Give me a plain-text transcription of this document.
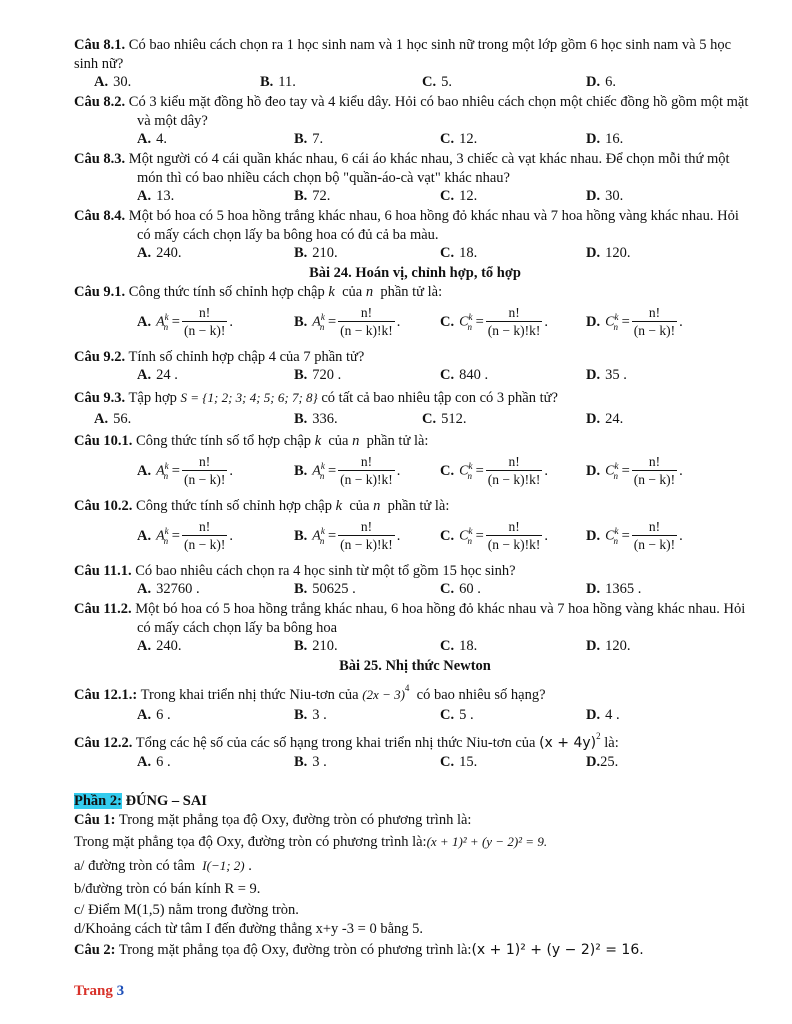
Câu 8.1. Có bao nhiêu cách chọn ra 1 học sinh nam và 1 học sinh nữ trong một lớp gồm 6 học sinh nam và 5 học sinh nữ?
A. 30.	B. 11.	C. 5.	D. 6.
Câu 8.2. Có 3 kiểu mặt đồng hồ đeo tay và 4 kiểu dây. Hỏi có bao nhiêu cách chọn một chiếc đồng hồ gồm một mặt và một dây?
A. 4.	B. 7.	C. 12.	D. 16.
Câu 8.3. Một người có 4 cái quần khác nhau, 6 cái áo khác nhau, 3 chiếc cà vạt khác nhau. Để chọn mỗi thứ một món thì có bao nhiều cách chọn bộ "quần-áo-cà vạt" khác nhau?
A. 13.	B. 72.	C. 12.	D. 30.
Câu 8.4. Một bó hoa có 5 hoa hồng trắng khác nhau, 6 hoa hồng đỏ khác nhau và 7 hoa hồng vàng khác nhau. Hỏi có mấy cách chọn lấy ba bông hoa có đủ cả ba màu.
A. 240.	B. 210.	C. 18.	D. 120.
Bài 24. Hoán vị, chỉnh hợp, tổ hợp
Câu 9.1. Công thức tính số chỉnh hợp chập k của n phần tử là:
A. $A^k_n = \frac{n!}{(n - k)!}$ .	B. $A^k_n = \frac{n!}{(n - k)!k!}$ .	C. $C^k_n = \frac{n!}{(n - k)!k!}$ .	D. $C^k_n = \frac{n!}{(n - k)!}$ .
Câu 9.2. Tính số chỉnh hợp chập 4 của 7 phần tử?
A. 24 .	B. 720 .	C. 840 .	D. 35 .
Câu 9.3. Tập hợp S = {1; 2; 3; 4; 5; 6; 7; 8} có tất cả bao nhiêu tập con có 3 phần tử?
A. 56.	B. 336.	C. 512.	D. 24.
Câu 10.1. Công thức tính số tổ hợp chập k của n phần tử là:
A. $A^k_n = \frac{n!}{(n - k)!}$ .	B. $A^k_n = \frac{n!}{(n - k)!k!}$ .	C. $C^k_n = \frac{n!}{(n - k)!k!}$ .	D. $C^k_n = \frac{n!}{(n - k)!}$ .
Câu 10.2. Công thức tính số chỉnh hợp chập k của n phần tử là:
A. $A^k_n = \frac{n!}{(n - k)!}$ .	B. $A^k_n = \frac{n!}{(n - k)!k!}$ .	C. $C^k_n = \frac{n!}{(n - k)!k!}$ .	D. $C^k_n = \frac{n!}{(n - k)!}$ .
Câu 11.1. Có bao nhiêu cách chọn ra 4 học sinh từ một tổ gồm 15 học sinh?
A. 32760 .	B. 50625 .	C. 60 .	D. 1365 .
Câu 11.2. Một bó hoa có 5 hoa hồng trắng khác nhau, 6 hoa hồng đỏ khác nhau và 7 hoa hồng vàng khác nhau. Hỏi có mấy cách chọn lấy ba bông hoa
A. 240.	B. 210.	C. 18.	D. 120.
Bài 25. Nhị thức Newton
Câu 12.1.: Trong khai triển nhị thức Niu-tơn của $(2x - 3)^4$ có bao nhiêu số hạng?
A. 6 .	B. 3 .	C. 5 .	D. 4 .
Câu 12.2. Tổng các hệ số của các số hạng trong khai triển nhị thức Niu-tơn của $(x + 4y)^2$ là:
A. 6 .	B. 3 .	C. 15.	D. 25.
Phần 2: ĐÚNG – SAI
Câu 1: Trong mặt phẳng tọa độ Oxy, đường tròn có phương trình là:
Trong mặt phẳng tọa độ Oxy, đường tròn có phương trình là:(x + 1)² + (y − 2)² = 9.
a/ đường tròn có tâm I(−1; 2) .
b/đường tròn có bán kính R = 9.
c/ Điểm M(1,5) nằm trong đường tròn.
d/Khoảng cách từ tâm I đến đường thẳng x+y -3 = 0 bằng 5.
Câu 2: Trong mặt phẳng tọa độ Oxy, đường tròn có phương trình là:(x + 1)² + (y − 2)² = 16.
Trang 3
